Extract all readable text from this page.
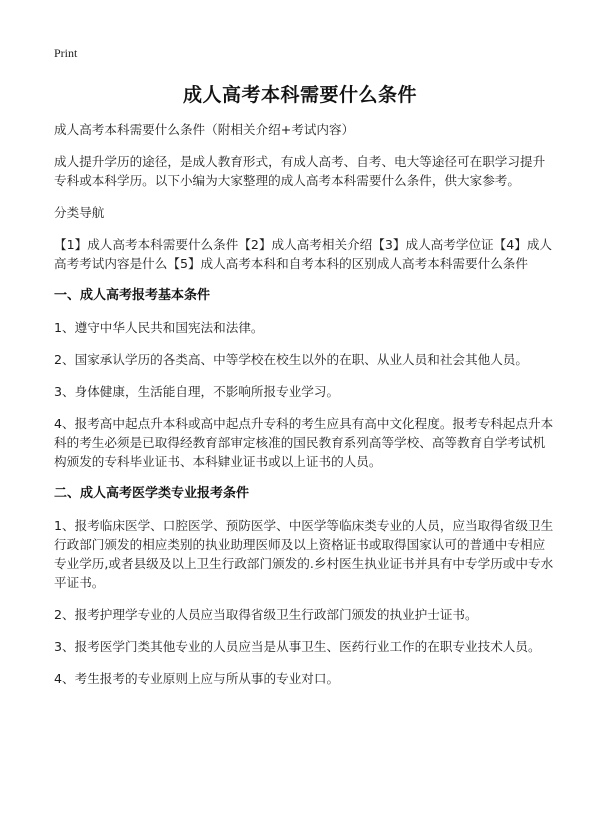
Print
成人高考本科需要什么条件

成人高考本科需要什么条件（附相关介绍+考试内容）

成人提升学历的途径，是成人教育形式，有成人高考、自考、电大等途径可在职学习提升专科或本科学历。以下小编为大家整理的成人高考本科需要什么条件，供大家参考。

分类导航

【1】成人高考本科需要什么条件【2】成人高考相关介绍【3】成人高考学位证【4】成人高考考试内容是什么【5】成人高考本科和自考本科的区别成人高考本科需要什么条件

一、成人高考报考基本条件

1、遵守中华人民共和国宪法和法律。

2、国家承认学历的各类高、中等学校在校生以外的在职、从业人员和社会其他人员。

3、身体健康，生活能自理，不影响所报专业学习。

4、报考高中起点升本科或高中起点升专科的考生应具有高中文化程度。报考专科起点升本科的考生必须是已取得经教育部审定核准的国民教育系列高等学校、高等教育自学考试机构颁发的专科毕业证书、本科肄业证书或以上证书的人员。

二、成人高考医学类专业报考条件

1、报考临床医学、口腔医学、预防医学、中医学等临床类专业的人员，应当取得省级卫生行政部门颁发的相应类别的执业助理医师及以上资格证书或取得国家认可的普通中专相应专业学历,或者县级及以上卫生行政部门颁发的.乡村医生执业证书并具有中专学历或中专水平证书。

2、报考护理学专业的人员应当取得省级卫生行政部门颁发的执业护士证书。

3、报考医学门类其他专业的人员应当是从事卫生、医药行业工作的在职专业技术人员。

4、考生报考的专业原则上应与所从事的专业对口。
